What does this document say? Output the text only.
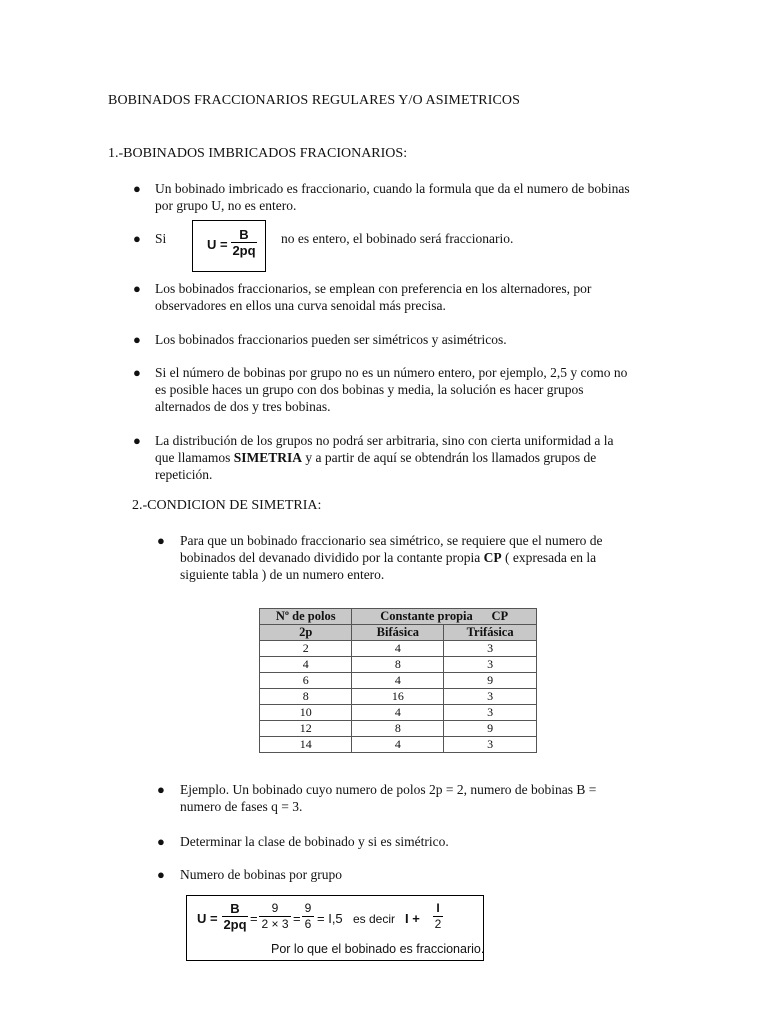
BOBINADOS FRACCIONARIOS REGULARES Y/O ASIMETRICOS
1.-BOBINADOS IMBRICADOS FRACIONARIOS:
● Un bobinado imbricado es fraccionario, cuando la formula que da el numero de bobinas

por grupo U, no es entero.

● Si	U =
B
2pq
no es entero, el bobinado será fraccionario.
● Los bobinados fraccionarios, se emplean con preferencia en los alternadores, por

observadores en ellos una curva senoidal más precisa.

● Los bobinados fraccionarios pueden ser simétricos y asimétricos.
● Si el número de bobinas por grupo no es un número entero, por ejemplo, 2,5 y como no

es posible haces un grupo con dos bobinas y media, la solución es hacer grupos

alternados de dos y tres bobinas.

● La distribución de los grupos no podrá ser arbitraria, sino con cierta uniformidad a la

que llamamos SIMETRIA y a partir de aquí se obtendrán los llamados grupos de

repetición.

2.-CONDICION DE SIMETRIA:
● Para que un bobinado fraccionario sea simétrico, se requiere que el numero de

bobinados del devanado dividido por la contante propia CP ( expresada en la

siguiente tabla ) de un numero entero.

Nº de polos	Constante propia      CP	
2p	Bifásica	Trifásica
2	4	3
4	8	3
6	4	9
8	16	3
10	4	3
12	8	9
14	4	3
● Ejemplo. Un bobinado cuyo numero de polos 2p = 2, numero de bobinas B =

numero de fases q = 3.

● Determinar la clase de bobinado y si es simétrico.
● Numero de bobinas por grupo
U =
B
2pq =
9
2 × 3 =
9
6 = I,5 es decir I +
I
2
Por lo que el bobinado es fraccionario.
